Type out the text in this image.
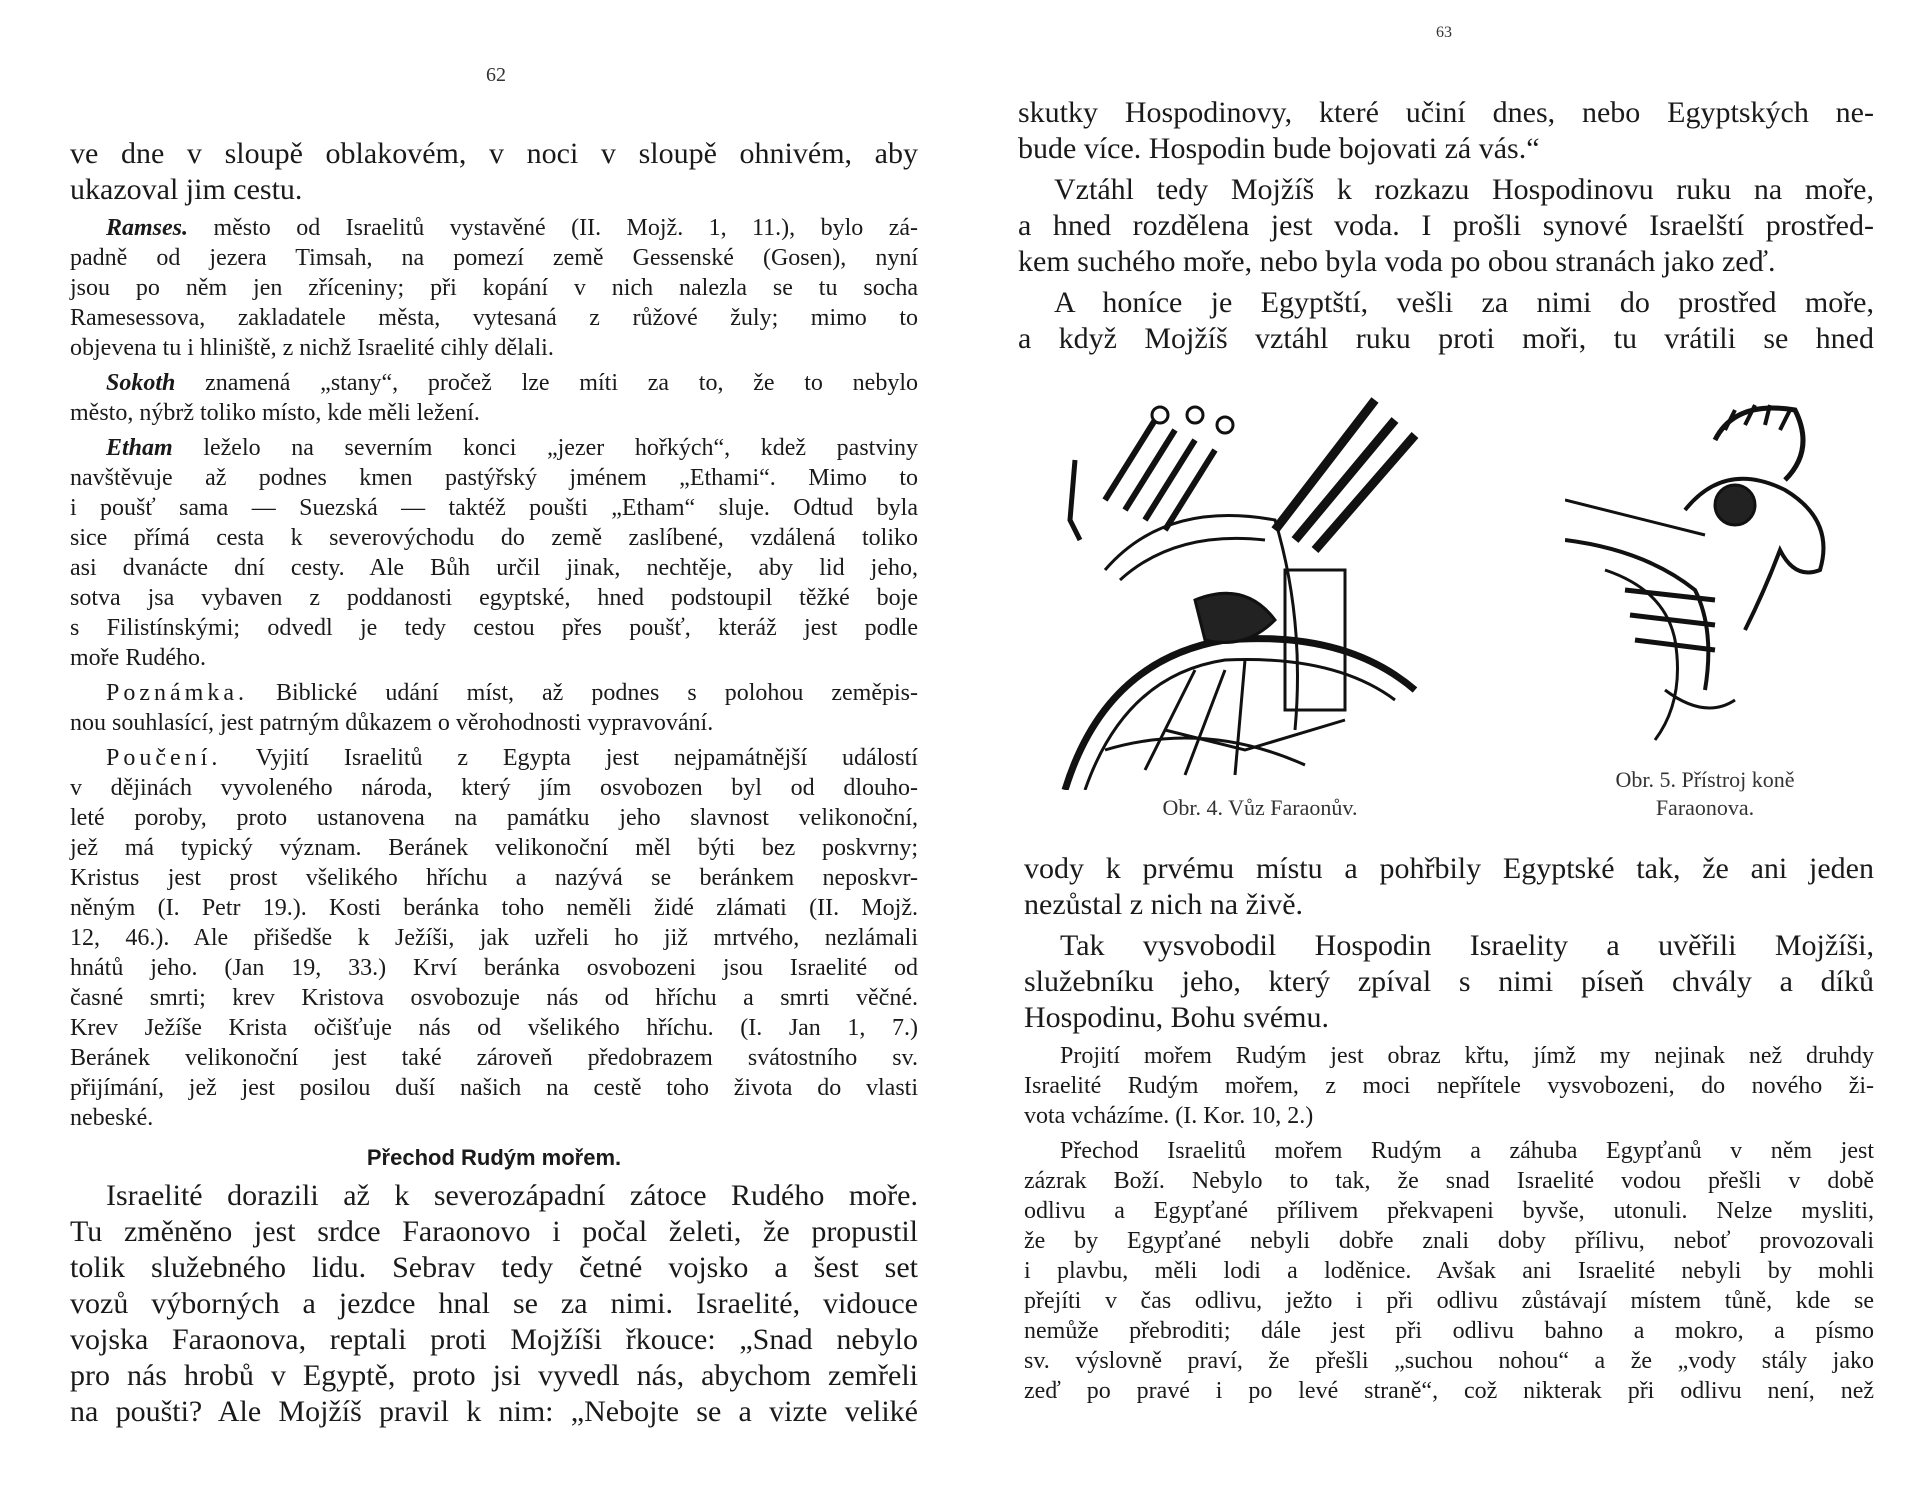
62
63
ve dne v sloupě oblakovém, v noci v sloupě ohnivém, aby
ukazoval jim cestu.
Ramses. město od Israelitů vystavěné (II. Mojž. 1, 11.), bylo zá-
padně od jezera Timsah, na pomezí země Gessenské (Gosen), nyní
jsou po něm jen zříceniny; při kopání v nich nalezla se tu socha
Ramesessova, zakladatele města, vytesaná z růžové žuly; mimo to
objevena tu i hliniště, z nichž Israelité cihly dělali.
Sokoth znamená „stany“, pročež lze míti za to, že to nebylo
město, nýbrž toliko místo, kde měli ležení.
Etham leželo na severním konci „jezer hořkých“, kdež pastviny
navštěvuje až podnes kmen pastýřský jménem „Ethami“. Mimo to
i poušť sama — Suezská — taktéž poušti „Etham“ sluje. Odtud byla
sice přímá cesta k severovýchodu do země zaslíbené, vzdálená toliko
asi dvanácte dní cesty. Ale Bůh určil jinak, nechtěje, aby lid jeho,
sotva jsa vybaven z poddanosti egyptské, hned podstoupil těžké boje
s Filistínskými; odvedl je tedy cestou přes poušť, kteráž jest podle
moře Rudého.
Poznámka. Biblické udání míst, až podnes s polohou zeměpis-
nou souhlasící, jest patrným důkazem o věrohodnosti vypravování.
Poučení. Vyjití Israelitů z Egypta jest nejpamátnější událostí
v dějinách vyvoleného národa, který jím osvobozen byl od dlouho-
leté poroby, proto ustanovena na památku jeho slavnost velikonoční,
jež má typický význam. Beránek velikonoční měl býti bez poskvrny;
Kristus jest prost všelikého hříchu a nazývá se beránkem neposkvr-
něným (I. Petr 19.). Kosti beránka toho neměli židé zlámati (II. Mojž.
12, 46.). Ale přišedše k Ježíši, jak uzřeli ho již mrtvého, nezlámali
hnátů jeho. (Jan 19, 33.) Krví beránka osvobozeni jsou Israelité od
časné smrti; krev Kristova osvobozuje nás od hříchu a smrti věčné.
Krev Ježíše Krista očišťuje nás od všelikého hříchu. (I. Jan 1, 7.)
Beránek velikonoční jest také zároveň předobrazem svátostního sv.
přijímání, jež jest posilou duší našich na cestě toho života do vlasti
nebeské.
Přechod Rudým mořem.
Israelité dorazili až k severozápadní zátoce Rudého moře.
Tu změněno jest srdce Faraonovo i počal želeti, že propustil
tolik služebného lidu. Sebrav tedy četné vojsko a šest set
vozů výborných a jezdce hnal se za nimi. Israelité, vidouce
vojska Faraonova, reptali proti Mojžíši řkouce: „Snad nebylo
pro nás hrobů v Egyptě, proto jsi vyvedl nás, abychom zemřeli
na poušti? Ale Mojžíš pravil k nim: „Nebojte se a vizte veliké
skutky Hospodinovy, které učiní dnes, nebo Egyptských ne-
bude více. Hospodin bude bojovati zá vás.“
Vztáhl tedy Mojžíš k rozkazu Hospodinovu ruku na moře,
a hned rozdělena jest voda. I prošli synové Israelští prostřed-
kem suchého moře, nebo byla voda po obou stranách jako zeď.
A honíce je Egyptští, vešli za nimi do prostřed moře,
a když Mojžíš vztáhl ruku proti moři, tu vrátili se hned
Obr. 4. Vůz Faraonův.
Obr. 5. Přístroj koně
Faraonova.
vody k prvému místu a pohřbily Egyptské tak, že ani jeden
nezůstal z nich na živě.
Tak vysvobodil Hospodin Israelity a uvěřili Mojžíši,
služebníku jeho, který zpíval s nimi píseň chvály a díků
Hospodinu, Bohu svému.
Projití mořem Rudým jest obraz křtu, jímž my nejinak než druhdy
Israelité Rudým mořem, z moci nepřítele vysvobozeni, do nového ži-
vota vcházíme. (I. Kor. 10, 2.)
Přechod Israelitů mořem Rudým a záhuba Egypťanů v něm jest
zázrak Boží. Nebylo to tak, že snad Israelité vodou přešli v době
odlivu a Egypťané přílivem překvapeni byvše, utonuli. Nelze mysliti,
že by Egypťané nebyli dobře znali doby přílivu, neboť provozovali
i plavbu, měli lodi a loděnice. Avšak ani Israelité nebyli by mohli
přejíti v čas odlivu, ježto i při odlivu zůstávají místem tůně, kde se
nemůže přebroditi; dále jest při odlivu bahno a mokro, a písmo
sv. výslovně praví, že přešli „suchou nohou“ a že „vody stály jako
zeď po pravé i po levé straně“, což nikterak při odlivu není, než
